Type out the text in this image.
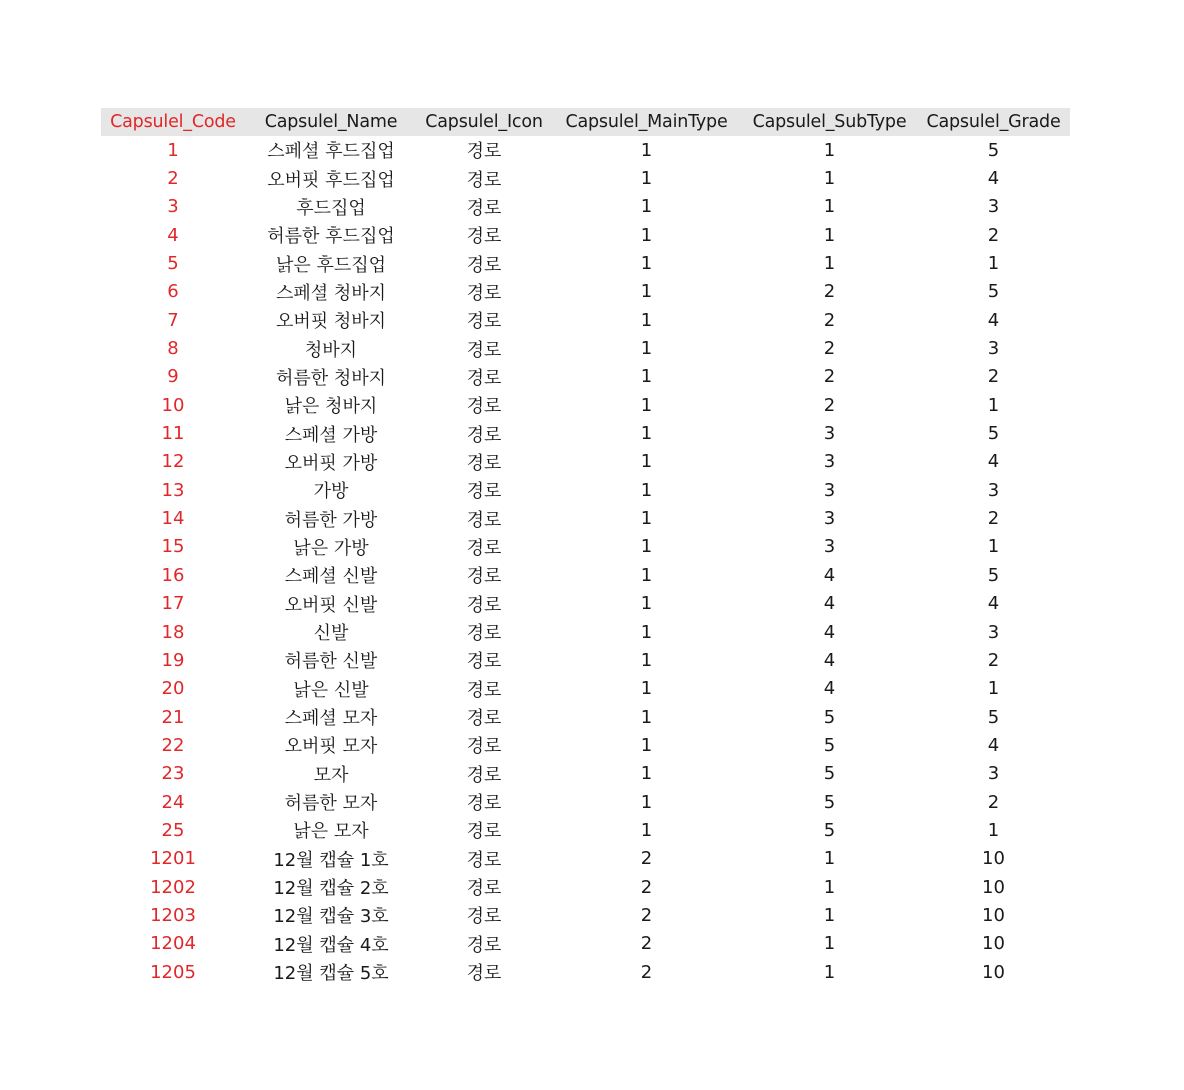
Capsulel_Code	Capsulel_Name	Capsulel_Icon	Capsulel_MainType	Capsulel_SubType	Capsulel_Grade
1	스페셜 후드집업	경로	1	1	5
2	오버핏 후드집업	경로	1	1	4
3	후드집업	경로	1	1	3
4	허름한 후드집업	경로	1	1	2
5	낡은 후드집업	경로	1	1	1
6	스페셜 청바지	경로	1	2	5
7	오버핏 청바지	경로	1	2	4
8	청바지	경로	1	2	3
9	허름한 청바지	경로	1	2	2
10	낡은 청바지	경로	1	2	1
11	스페셜 가방	경로	1	3	5
12	오버핏 가방	경로	1	3	4
13	가방	경로	1	3	3
14	허름한 가방	경로	1	3	2
15	낡은 가방	경로	1	3	1
16	스페셜 신발	경로	1	4	5
17	오버핏 신발	경로	1	4	4
18	신발	경로	1	4	3
19	허름한 신발	경로	1	4	2
20	낡은 신발	경로	1	4	1
21	스페셜 모자	경로	1	5	5
22	오버핏 모자	경로	1	5	4
23	모자	경로	1	5	3
24	허름한 모자	경로	1	5	2
25	낡은 모자	경로	1	5	1
1201	12월 캡슐 1호	경로	2	1	10
1202	12월 캡슐 2호	경로	2	1	10
1203	12월 캡슐 3호	경로	2	1	10
1204	12월 캡슐 4호	경로	2	1	10
1205	12월 캡슐 5호	경로	2	1	10
